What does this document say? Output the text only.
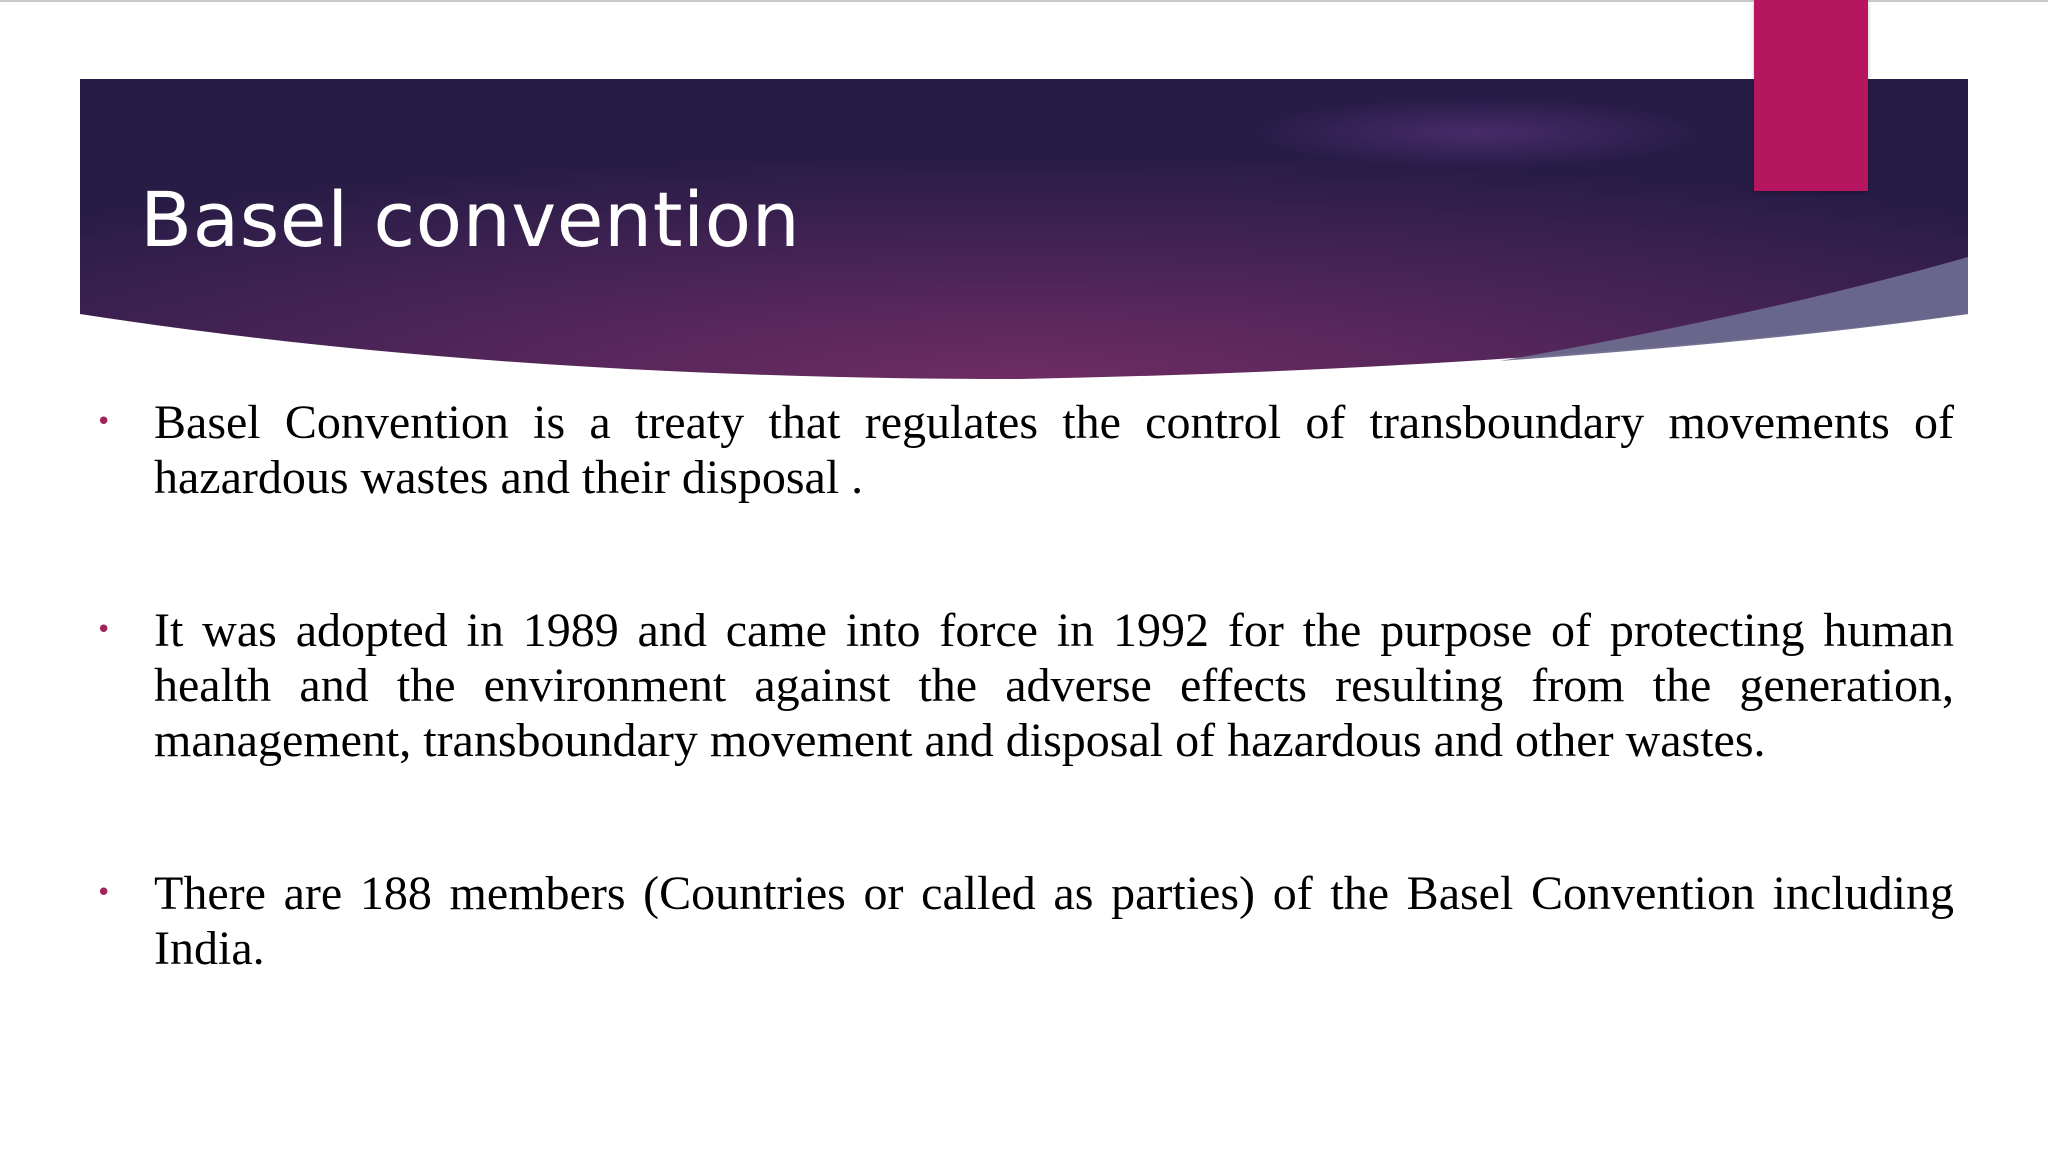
Basel convention
• Basel Convention is a treaty that regulates the control of transboundary movements of hazardous wastes and their disposal .
• It was adopted in 1989 and came into force in 1992 for the purpose of protecting human health and the environment against the adverse effects resulting from the generation, management, transboundary movement and disposal of hazardous and other wastes.
• There are 188 members (Countries or called as parties) of the Basel Convention including India.
